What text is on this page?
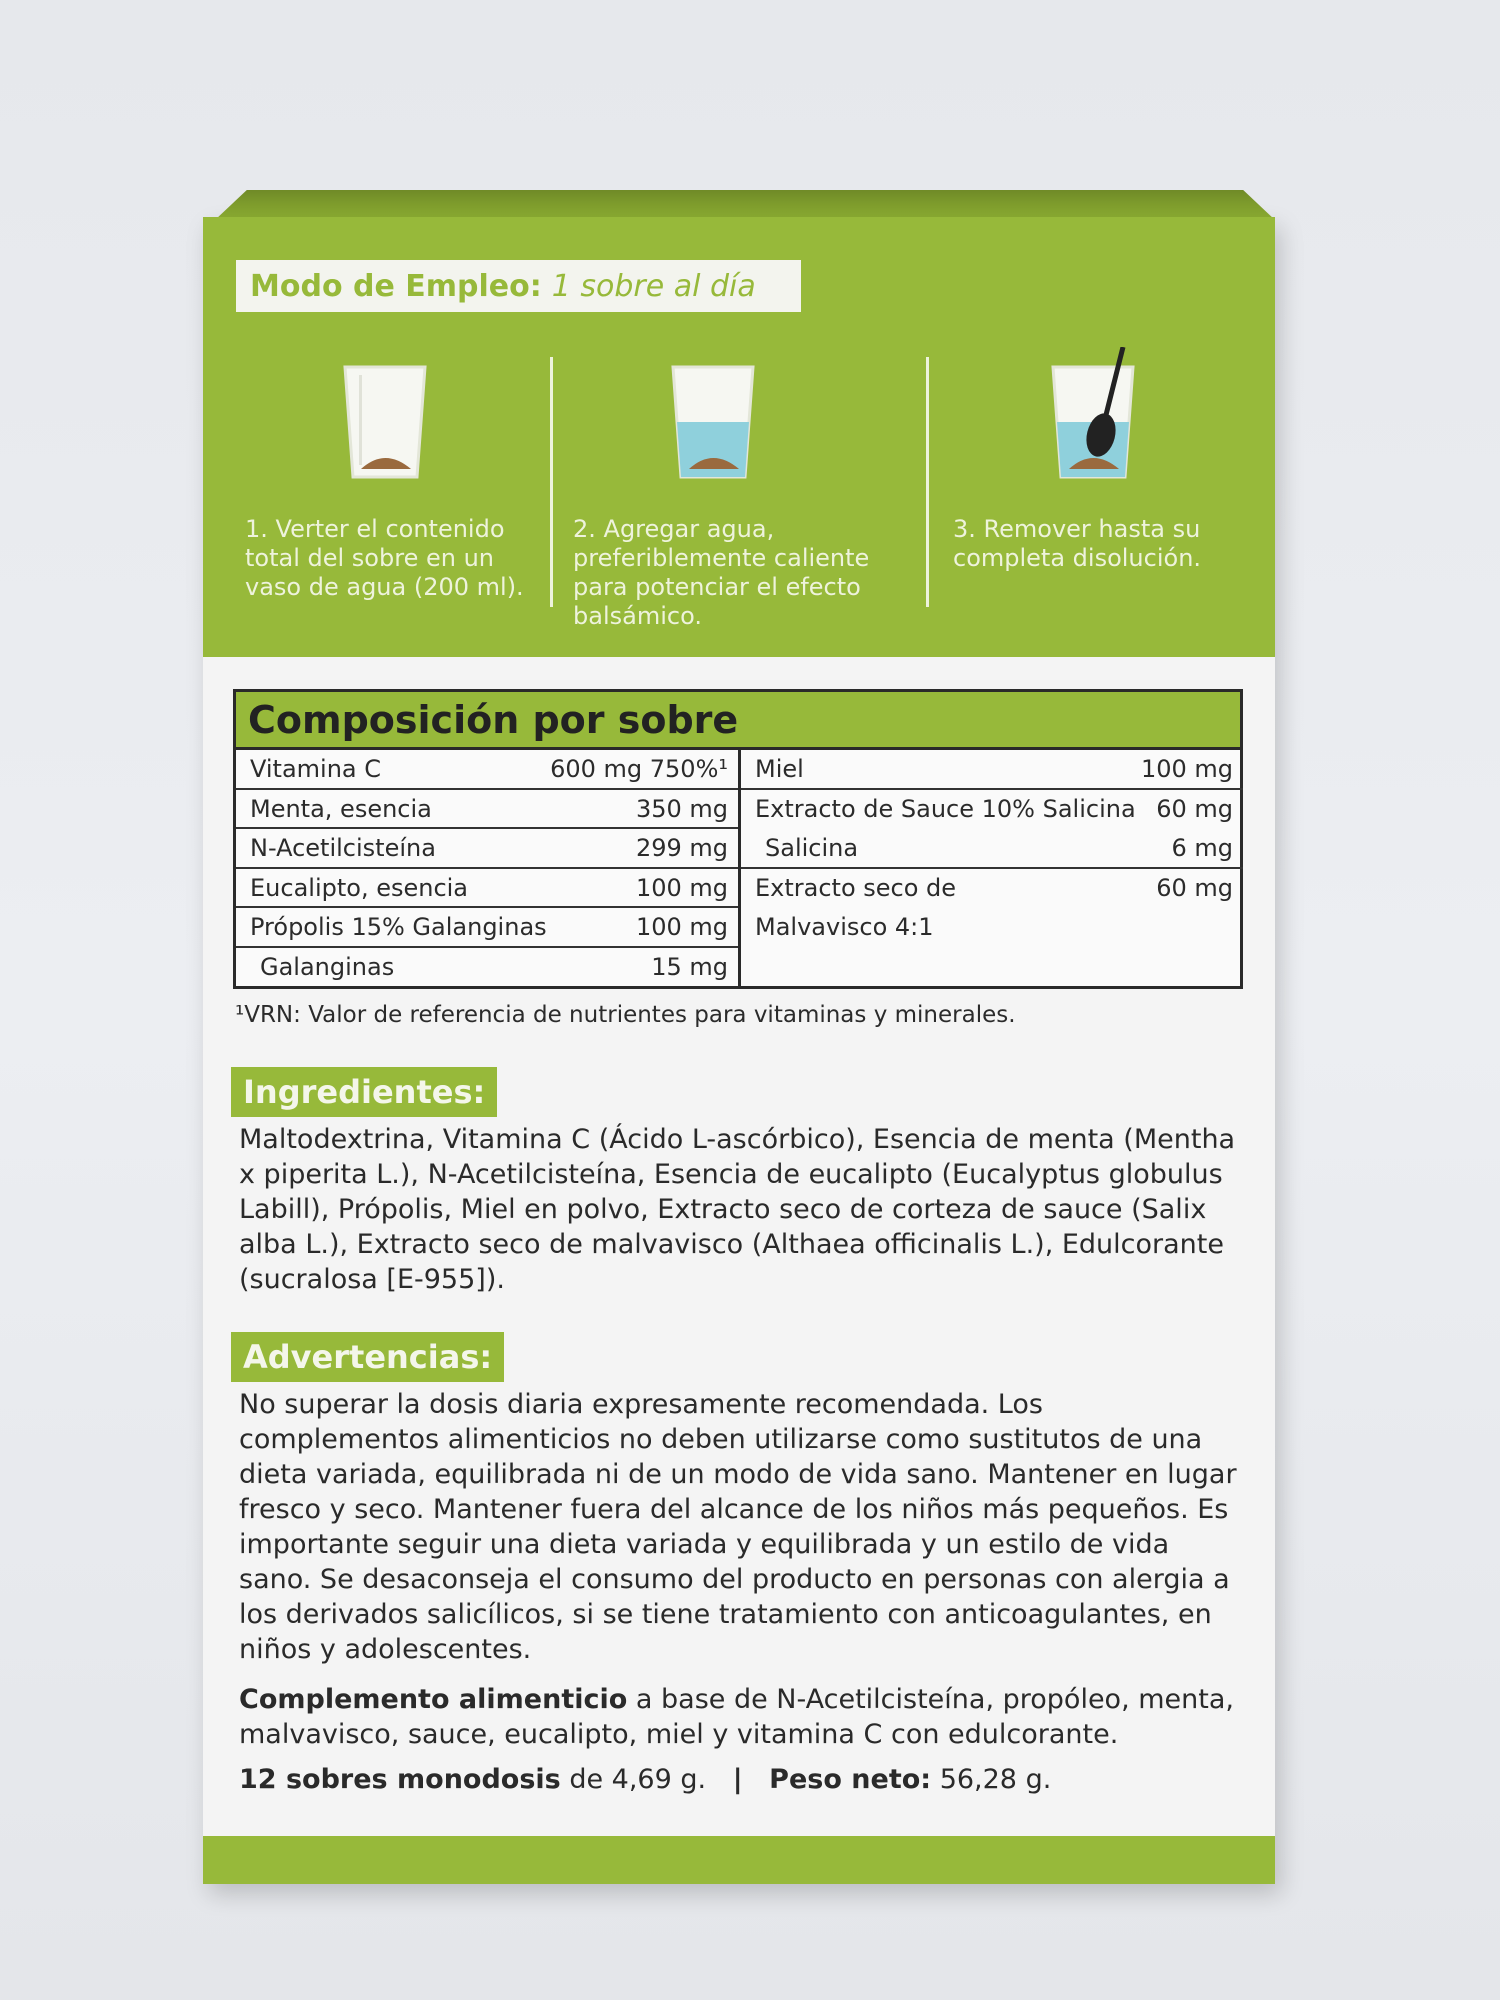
Modo de Empleo: 1 sobre al día
1. Verter el contenido total del sobre en un vaso de agua (200 ml).
2. Agregar agua, preferiblemente caliente para potenciar el efecto balsámico.
3. Remover hasta su completa disolución.
Composición por sobre
Vitamina C	600 mg 750%¹
Menta, esencia	350 mg
N-Acetilcisteína	299 mg
Eucalipto, esencia	100 mg
Própolis 15% Galanginas	100 mg
Galanginas	15 mg
Miel	100 mg
Extracto de Sauce 10% Salicina 60 mg
Salicina	6 mg
Extracto seco de	60 mg
Malvavisco 4:1
¹VRN: Valor de referencia de nutrientes para vitaminas y minerales.
Ingredientes:
Maltodextrina, Vitamina C (Ácido L-ascórbico), Esencia de menta (Mentha x piperita L.), N-Acetilcisteína, Esencia de eucalipto (Eucalyptus globulus Labill), Própolis, Miel en polvo, Extracto seco de corteza de sauce (Salix alba L.), Extracto seco de malvavisco (Althaea officinalis L.), Edulcorante (sucralosa [E-955]).
Advertencias:
No superar la dosis diaria expresamente recomendada. Los complementos alimenticios no deben utilizarse como sustitutos de una dieta variada, equilibrada ni de un modo de vida sano. Mantener en lugar fresco y seco. Mantener fuera del alcance de los niños más pequeños. Es importante seguir una dieta variada y equilibrada y un estilo de vida sano. Se desaconseja el consumo del producto en personas con alergia a los derivados salicílicos, si se tiene tratamiento con anticoagulantes, en niños y adolescentes.
Complemento alimenticio a base de N-Acetilcisteína, propóleo, menta, malvavisco, sauce, eucalipto, miel y vitamina C con edulcorante.
12 sobres monodosis de 4,69 g. | Peso neto: 56,28 g.
